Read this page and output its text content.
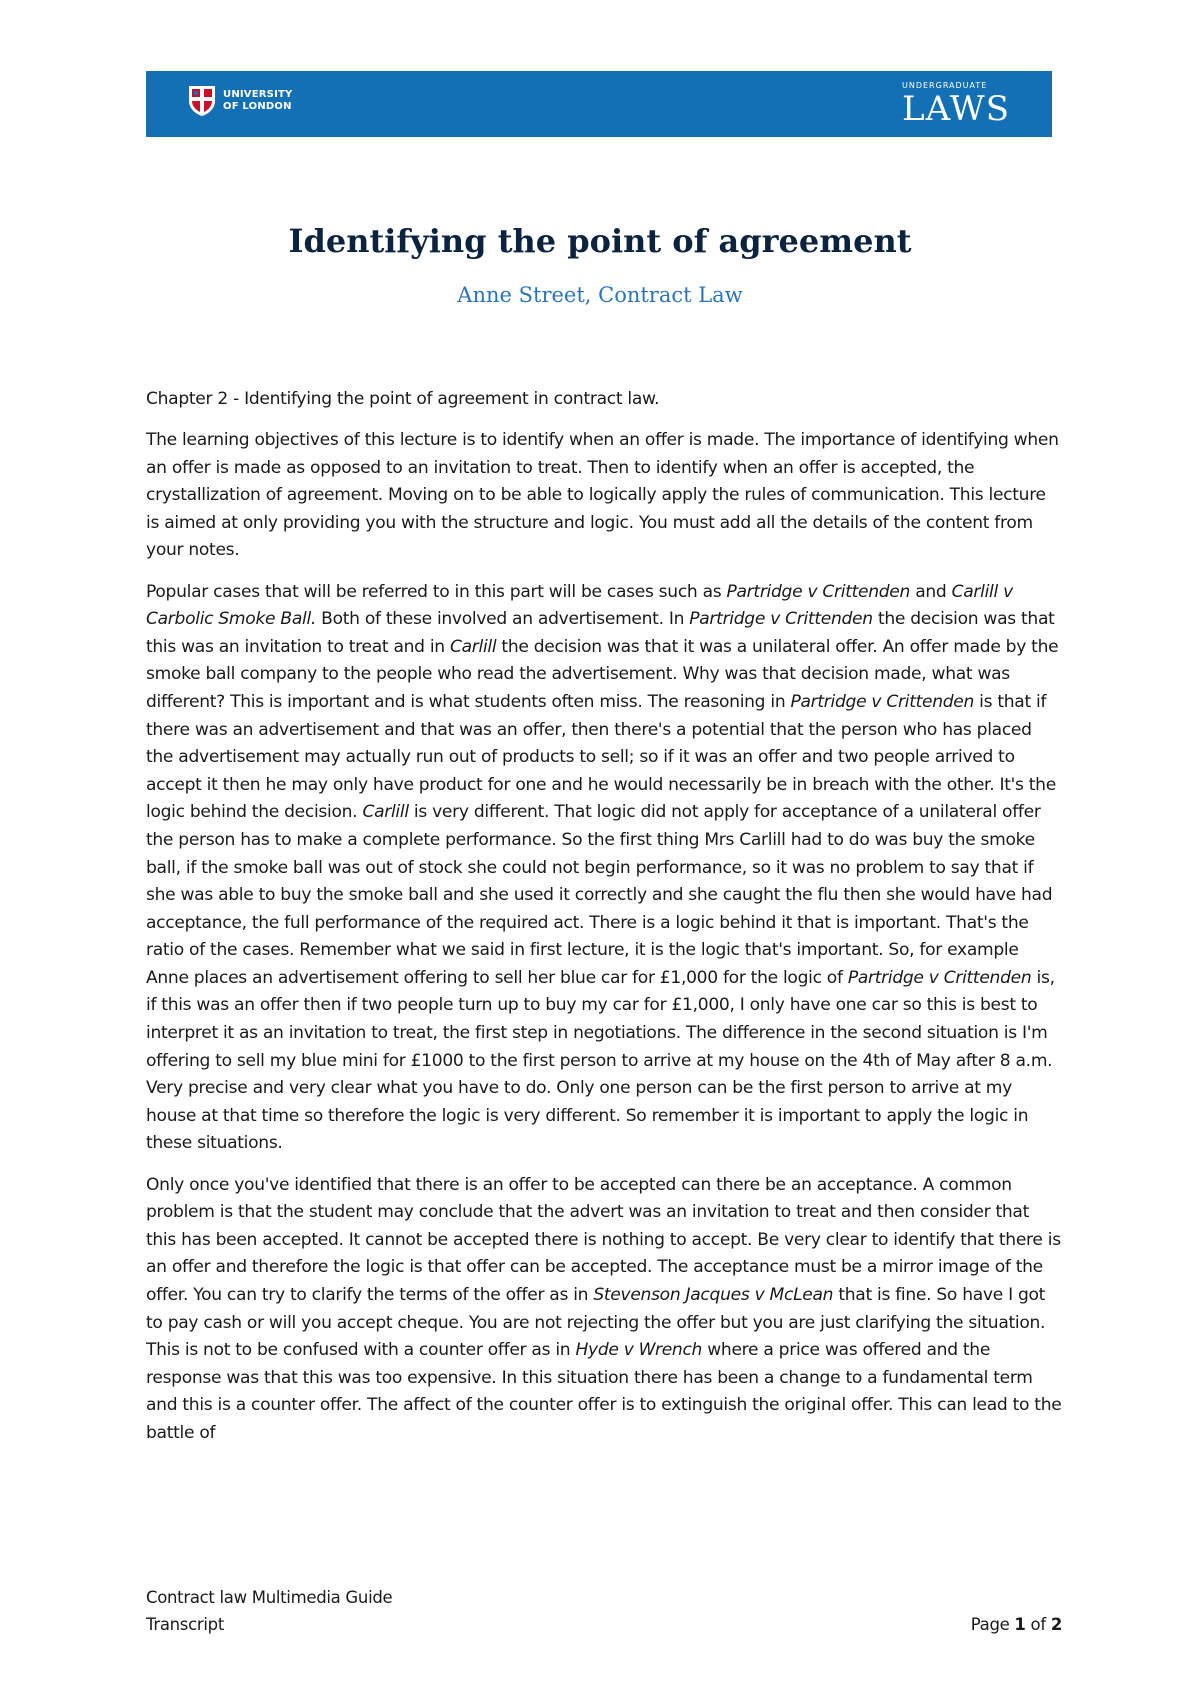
UNIVERSITY
OF LONDON
UNDERGRADUATE
LAWS
Identifying the point of agreement
Anne Street, Contract Law

Chapter 2 - Identifying the point of agreement in contract law.

The learning objectives of this lecture is to identify when an offer is made. The importance of identifying when an offer is made as opposed to an invitation to treat. Then to identify when an offer is accepted, the crystallization of agreement. Moving on to be able to logically apply the rules of communication. This lecture is aimed at only providing you with the structure and logic. You must add all the details of the content from your notes.

Popular cases that will be referred to in this part will be cases such as Partridge v Crittenden and Carlill v Carbolic Smoke Ball. Both of these involved an advertisement. In Partridge v Crittenden the decision was that this was an invitation to treat and in Carlill the decision was that it was a unilateral offer. An offer made by the smoke ball company to the people who read the advertisement. Why was that decision made, what was different? This is important and is what students often miss. The reasoning in Partridge v Crittenden is that if there was an advertisement and that was an offer, then there's a potential that the person who has placed the advertisement may actually run out of products to sell; so if it was an offer and two people arrived to accept it then he may only have product for one and he would necessarily be in breach with the other. It's the logic behind the decision. Carlill is very different. That logic did not apply for acceptance of a unilateral offer the person has to make a complete performance. So the first thing Mrs Carlill had to do was buy the smoke ball, if the smoke ball was out of stock she could not begin performance, so it was no problem to say that if she was able to buy the smoke ball and she used it correctly and she caught the flu then she would have had acceptance, the full performance of the required act. There is a logic behind it that is important. That's the ratio of the cases. Remember what we said in first lecture, it is the logic that's important. So, for example Anne places an advertisement offering to sell her blue car for £1,000 for the logic of Partridge v Crittenden is, if this was an offer then if two people turn up to buy my car for £1,000, I only have one car so this is best to interpret it as an invitation to treat, the first step in negotiations. The difference in the second situation is I'm offering to sell my blue mini for £1000 to the first person to arrive at my house on the 4th of May after 8 a.m. Very precise and very clear what you have to do. Only one person can be the first person to arrive at my house at that time so therefore the logic is very different. So remember it is important to apply the logic in these situations.

Only once you've identified that there is an offer to be accepted can there be an acceptance. A common problem is that the student may conclude that the advert was an invitation to treat and then consider that this has been accepted. It cannot be accepted there is nothing to accept. Be very clear to identify that there is an offer and therefore the logic is that offer can be accepted. The acceptance must be a mirror image of the offer. You can try to clarify the terms of the offer as in Stevenson Jacques v McLean that is fine. So have I got to pay cash or will you accept cheque. You are not rejecting the offer but you are just clarifying the situation. This is not to be confused with a counter offer as in Hyde v Wrench where a price was offered and the response was that this was too expensive. In this situation there has been a change to a fundamental term and this is a counter offer. The affect of the counter offer is to extinguish the original offer. This can lead to the battle of

Contract law Multimedia Guide
Transcript	Page 1 of 2
